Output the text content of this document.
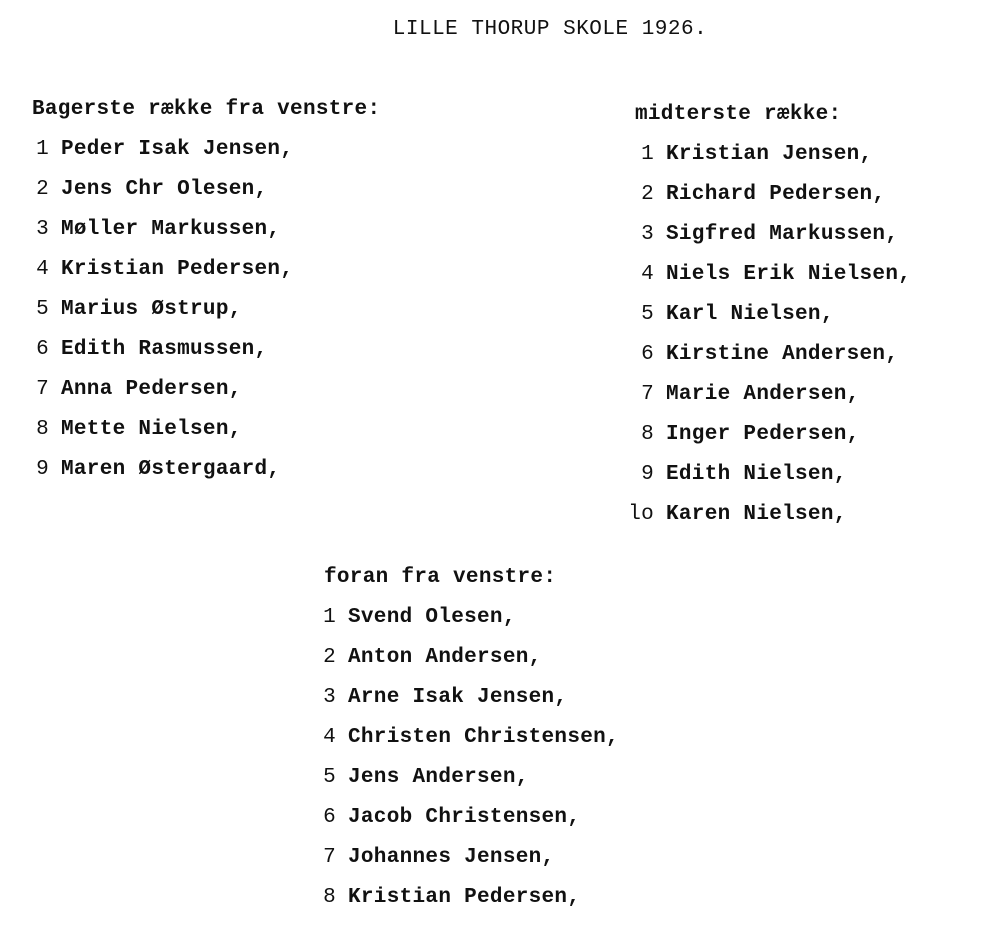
LILLE THORUP SKOLE 1926.
Bagerste række fra venstre:
1 Peder Isak Jensen,
2 Jens Chr Olesen,
3 Møller Markussen,
4 Kristian Pedersen,
5 Marius Østrup,
6 Edith Rasmussen,
7 Anna Pedersen,
8 Mette Nielsen,
9 Maren Østergaard,
midterste række:
1 Kristian Jensen,
2 Richard Pedersen,
3 Sigfred Markussen,
4 Niels Erik Nielsen,
5 Karl Nielsen,
6 Kirstine Andersen,
7 Marie Andersen,
8 Inger Pedersen,
9 Edith Nielsen,
lo Karen Nielsen,
foran fra venstre:
1 Svend Olesen,
2 Anton Andersen,
3 Arne Isak Jensen,
4 Christen Christensen,
5 Jens Andersen,
6 Jacob Christensen,
7 Johannes Jensen,
8 Kristian Pedersen,
